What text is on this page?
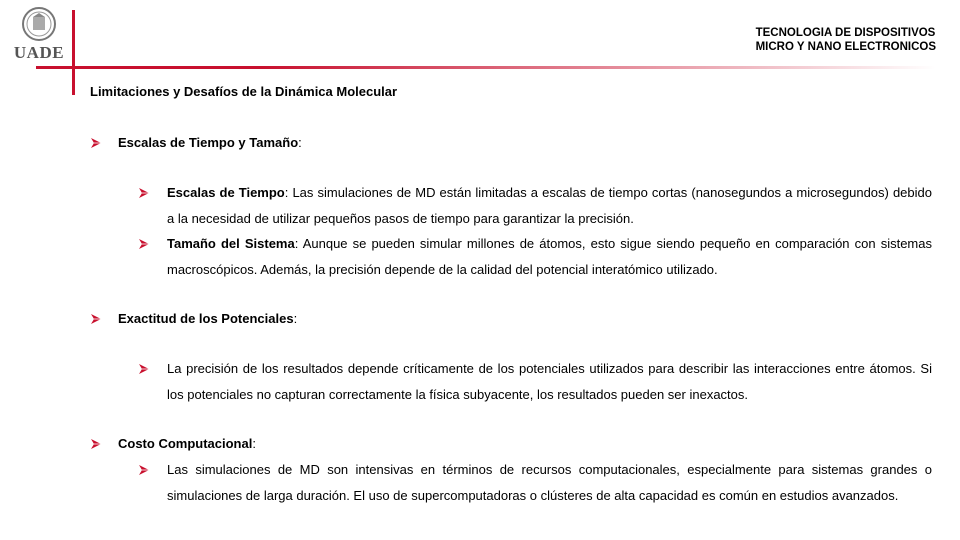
UADE
TECNOLOGIA DE DISPOSITIVOS
MICRO Y NANO ELECTRONICOS
Limitaciones y Desafíos de la Dinámica Molecular
Escalas de Tiempo y Tamaño:
Escalas de Tiempo: Las simulaciones de MD están limitadas a escalas de tiempo cortas (nanosegundos a microsegundos) debido a la necesidad de utilizar pequeños pasos de tiempo para garantizar la precisión.
Tamaño del Sistema: Aunque se pueden simular millones de átomos, esto sigue siendo pequeño en comparación con sistemas macroscópicos. Además, la precisión depende de la calidad del potencial interatómico utilizado.
Exactitud de los Potenciales:
La precisión de los resultados depende críticamente de los potenciales utilizados para describir las interacciones entre átomos. Si los potenciales no capturan correctamente la física subyacente, los resultados pueden ser inexactos.
Costo Computacional:
Las simulaciones de MD son intensivas en términos de recursos computacionales, especialmente para sistemas grandes o simulaciones de larga duración. El uso de supercomputadoras o clústeres de alta capacidad es común en estudios avanzados.
